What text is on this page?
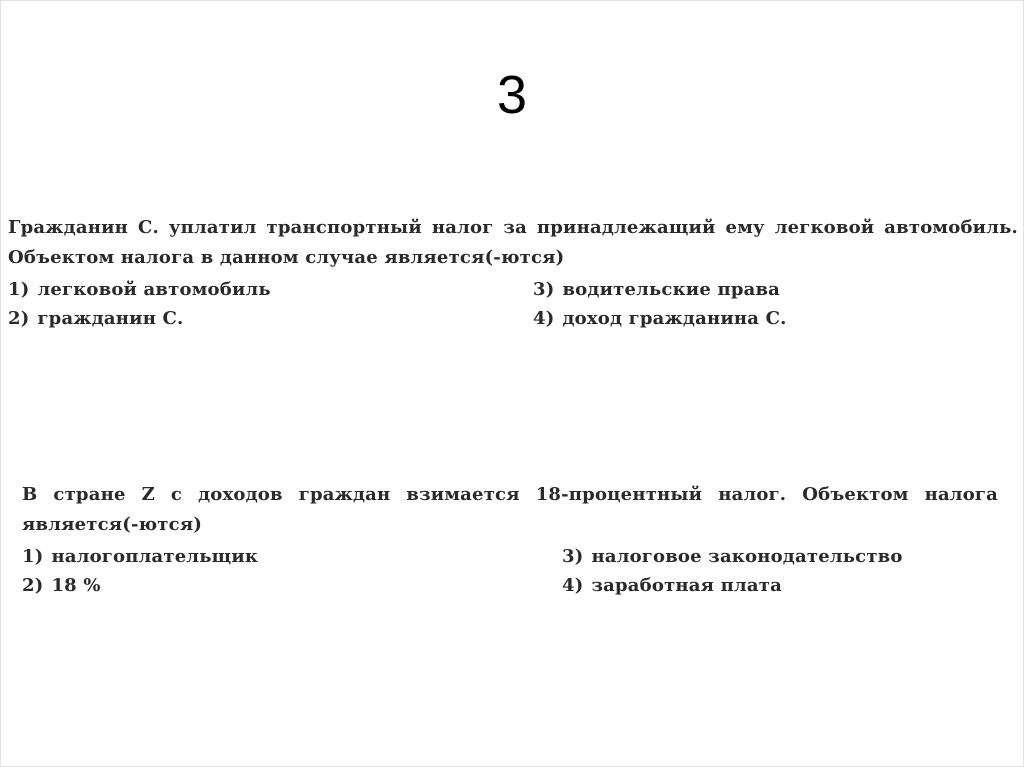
3

Гражданин С. уплатил транспортный налог за принадлежащий ему легковой автомобиль. Объектом налога в данном случае является(-ются)

1) легковой автомобиль	3) водительские права
2) гражданин С.	4) доход гражданина С.

В стране Z с доходов граждан взимается 18-процентный налог. Объектом налога является(-ются)

1) налогоплательщик	3) налоговое законодательство
2) 18 %	4) заработная плата
